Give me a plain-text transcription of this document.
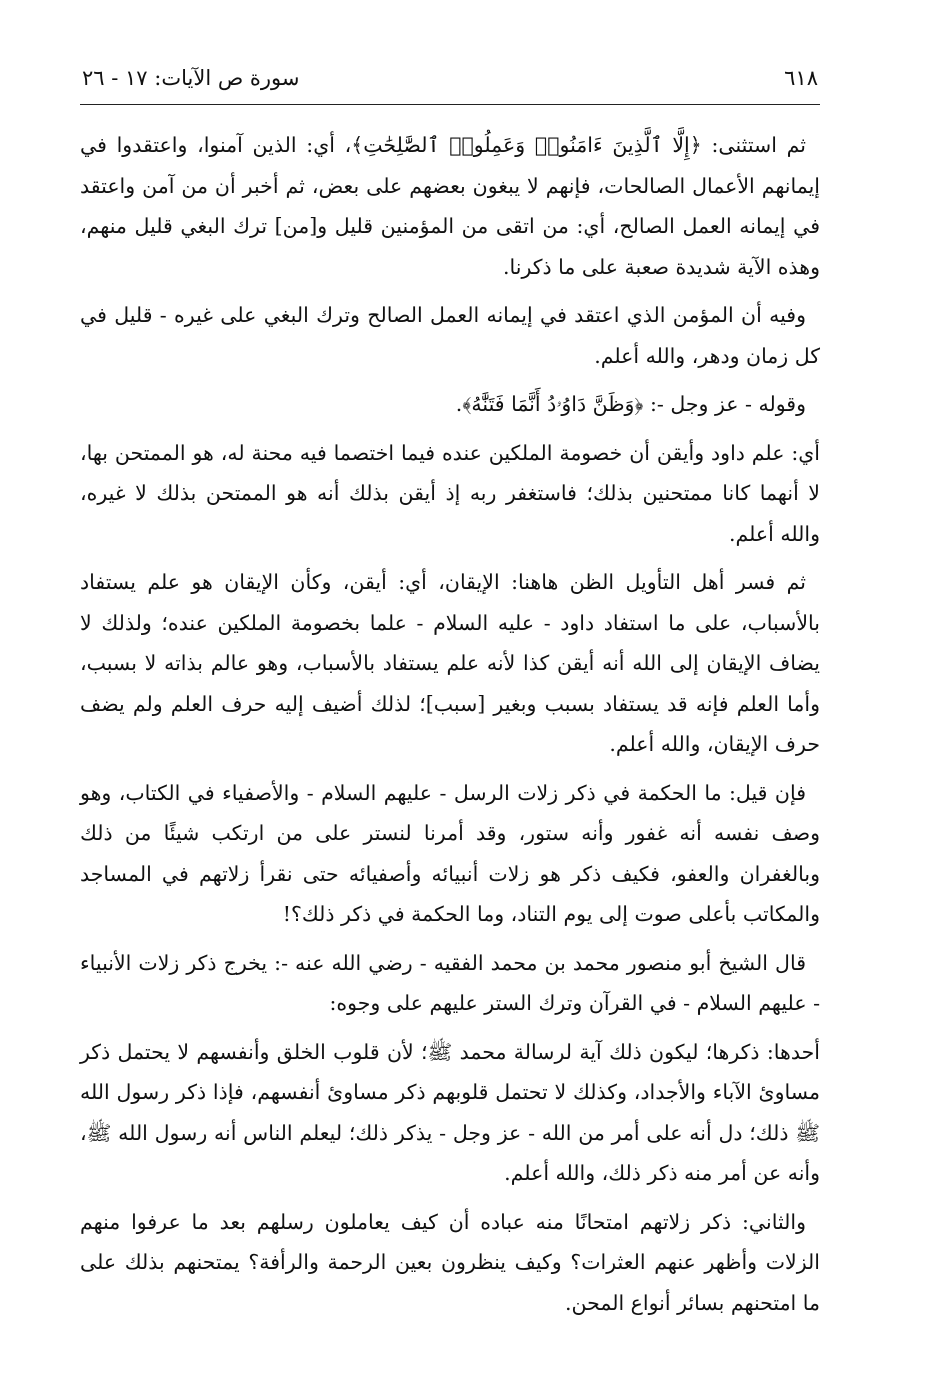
٦١٨
سورة ص الآيات: ١٧ - ٢٦

ثم استثنى: ﴿إِلَّا ٱلَّذِينَ ءَامَنُوا۟ وَعَمِلُوا۟ ٱلصَّٰلِحَٰتِ﴾، أي: الذين آمنوا، واعتقدوا في إيمانهم الأعمال الصالحات، فإنهم لا يبغون بعضهم على بعض، ثم أخبر أن من آمن واعتقد في إيمانه العمل الصالح، أي: من اتقى من المؤمنين قليل و[من] ترك البغي قليل منهم، وهذه الآية شديدة صعبة على ما ذكرنا.

وفيه أن المؤمن الذي اعتقد في إيمانه العمل الصالح وترك البغي على غيره - قليل في كل زمان ودهر، والله أعلم.

وقوله - عز وجل -: ﴿وَظَنَّ دَاوُۥدُ أَنَّمَا فَتَنَّٰهُ﴾.

أي: علم داود وأيقن أن خصومة الملكين عنده فيما اختصما فيه محنة له، هو الممتحن بها، لا أنهما كانا ممتحنين بذلك؛ فاستغفر ربه إذ أيقن بذلك أنه هو الممتحن بذلك لا غيره، والله أعلم.

ثم فسر أهل التأويل الظن هاهنا: الإيقان، أي: أيقن، وكأن الإيقان هو علم يستفاد بالأسباب، على ما استفاد داود - عليه السلام - علما بخصومة الملكين عنده؛ ولذلك لا يضاف الإيقان إلى الله أنه أيقن كذا لأنه علم يستفاد بالأسباب، وهو عالم بذاته لا بسبب، وأما العلم فإنه قد يستفاد بسبب وبغير [سبب]؛ لذلك أضيف إليه حرف العلم ولم يضف حرف الإيقان، والله أعلم.

فإن قيل: ما الحكمة في ذكر زلات الرسل - عليهم السلام - والأصفياء في الكتاب، وهو وصف نفسه أنه غفور وأنه ستور، وقد أمرنا لنستر على من ارتكب شيئًا من ذلك وبالغفران والعفو، فكيف ذكر هو زلات أنبيائه وأصفيائه حتى نقرأ زلاتهم في المساجد والمكاتب بأعلى صوت إلى يوم التناد، وما الحكمة في ذكر ذلك؟!

قال الشيخ أبو منصور محمد بن محمد الفقيه - رضي الله عنه -: يخرج ذكر زلات الأنبياء - عليهم السلام - في القرآن وترك الستر عليهم على وجوه:

أحدها: ذكرها؛ ليكون ذلك آية لرسالة محمد ﷺ؛ لأن قلوب الخلق وأنفسهم لا يحتمل ذكر مساوئ الآباء والأجداد، وكذلك لا تحتمل قلوبهم ذكر مساوئ أنفسهم، فإذا ذكر رسول الله ﷺ ذلك؛ دل أنه على أمر من الله - عز وجل - يذكر ذلك؛ ليعلم الناس أنه رسول الله ﷺ، وأنه عن أمر منه ذكر ذلك، والله أعلم.

والثاني: ذكر زلاتهم امتحانًا منه عباده أن كيف يعاملون رسلهم بعد ما عرفوا منهم الزلات وأظهر عنهم العثرات؟ وكيف ينظرون بعين الرحمة والرأفة؟ يمتحنهم بذلك على ما امتحنهم بسائر أنواع المحن.
